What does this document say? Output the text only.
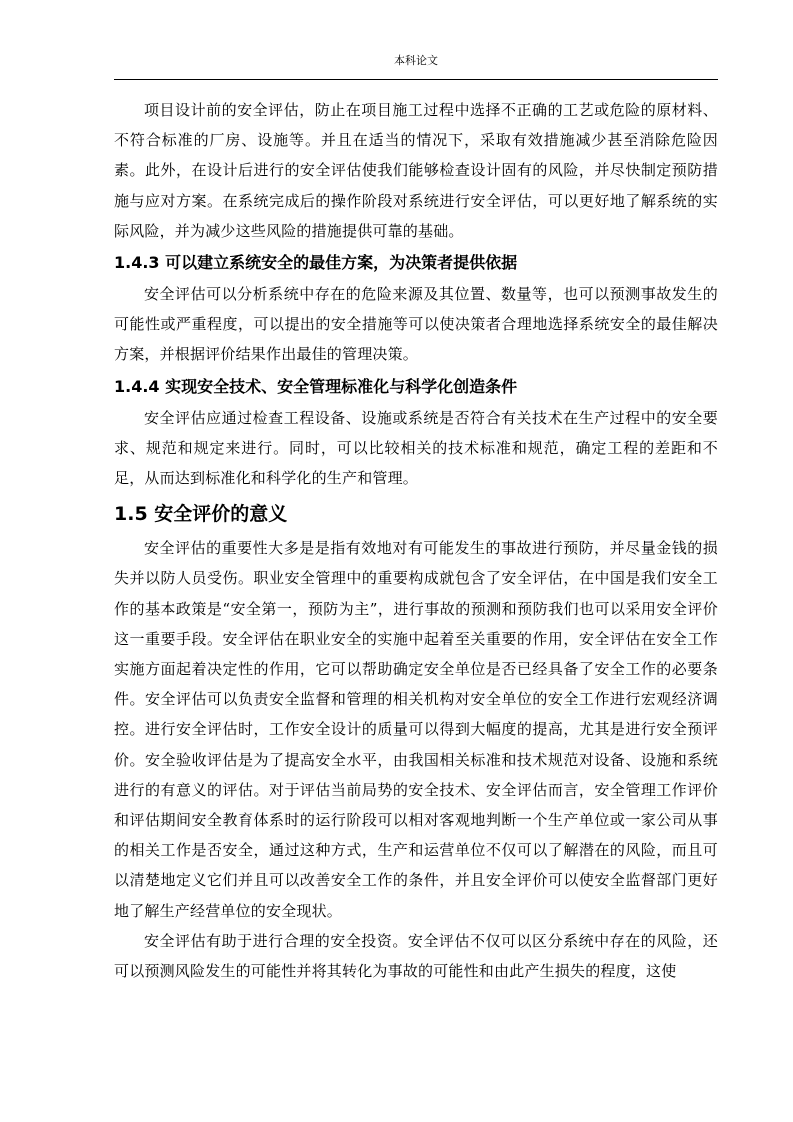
本科论文

项目设计前的安全评估，防止在项目施工过程中选择不正确的工艺或危险的原材料、不符合标准的厂房、设施等。并且在适当的情况下，采取有效措施减少甚至消除危险因素。此外，在设计后进行的安全评估使我们能够检查设计固有的风险，并尽快制定预防措施与应对方案。在系统完成后的操作阶段对系统进行安全评估，可以更好地了解系统的实际风险，并为减少这些风险的措施提供可靠的基础。

1.4.3 可以建立系统安全的最佳方案，为决策者提供依据

安全评估可以分析系统中存在的危险来源及其位置、数量等，也可以预测事故发生的可能性或严重程度，可以提出的安全措施等可以使决策者合理地选择系统安全的最佳解决方案，并根据评价结果作出最佳的管理决策。

1.4.4 实现安全技术、安全管理标准化与科学化创造条件

安全评估应通过检查工程设备、设施或系统是否符合有关技术在生产过程中的安全要求、规范和规定来进行。同时，可以比较相关的技术标准和规范，确定工程的差距和不足，从而达到标准化和科学化的生产和管理。

1.5 安全评价的意义

安全评估的重要性大多是是指有效地对有可能发生的事故进行预防，并尽量金钱的损失并以防人员受伤。职业安全管理中的重要构成就包含了安全评估，在中国是我们安全工作的基本政策是“安全第一，预防为主”，进行事故的预测和预防我们也可以采用安全评价这一重要手段。安全评估在职业安全的实施中起着至关重要的作用，安全评估在安全工作实施方面起着决定性的作用，它可以帮助确定安全单位是否已经具备了安全工作的必要条件。安全评估可以负责安全监督和管理的相关机构对安全单位的安全工作进行宏观经济调控。进行安全评估时，工作安全设计的质量可以得到大幅度的提高，尤其是进行安全预评价。安全验收评估是为了提高安全水平，由我国相关标准和技术规范对设备、设施和系统进行的有意义的评估。对于评估当前局势的安全技术、安全评估而言，安全管理工作评价和评估期间安全教育体系时的运行阶段可以相对客观地判断一个生产单位或一家公司从事的相关工作是否安全，通过这种方式，生产和运营单位不仅可以了解潜在的风险，而且可以清楚地定义它们并且可以改善安全工作的条件，并且安全评价可以使安全监督部门更好地了解生产经营单位的安全现状。

安全评估有助于进行合理的安全投资。安全评估不仅可以区分系统中存在的风险，还可以预测风险发生的可能性并将其转化为事故的可能性和由此产生损失的程度，这使
